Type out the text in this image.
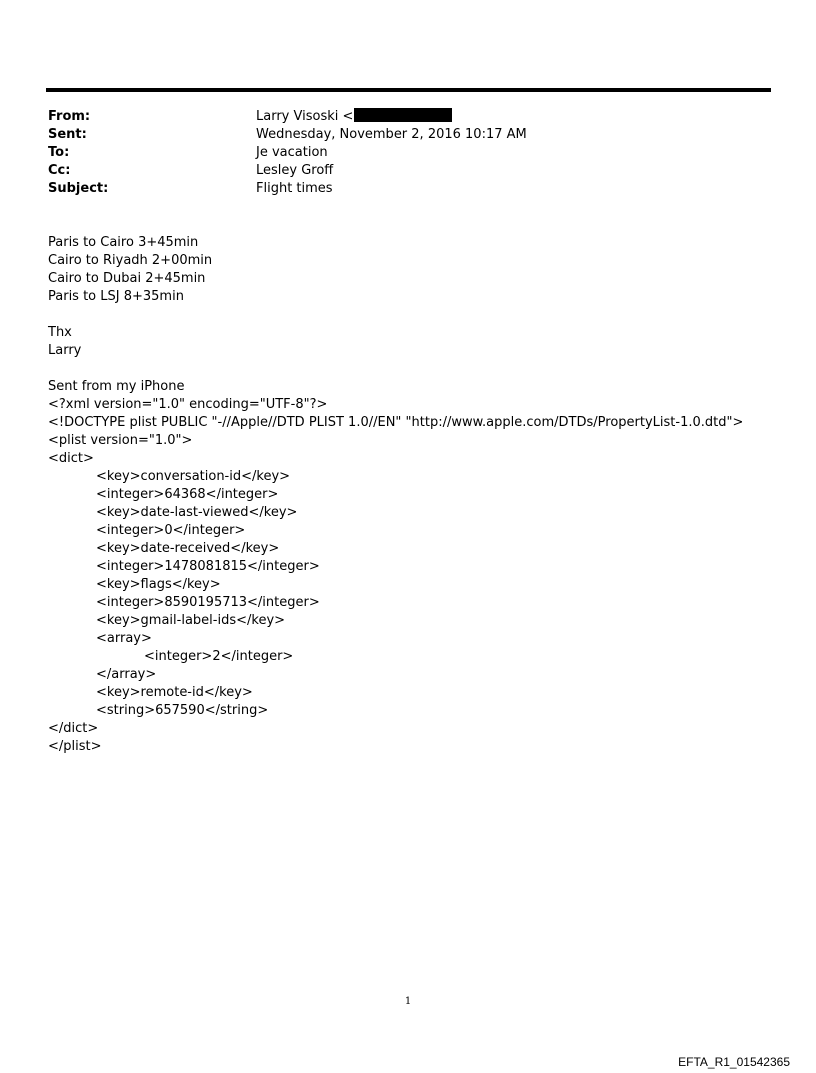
From:	Larry Visoski <
Sent:	Wednesday, November 2, 2016 10:17 AM
To:	Je vacation
Cc:	Lesley Groff
Subject:	Flight times
Paris to Cairo 3+45min
Cairo to Riyadh 2+00min
Cairo to Dubai 2+45min
Paris to LSJ 8+35min
Thx
Larry
Sent from my iPhone
<?xml version="1.0" encoding="UTF-8"?>
<!DOCTYPE plist PUBLIC "-//Apple//DTD PLIST 1.0//EN" "http://www.apple.com/DTDs/PropertyList-1.0.dtd">
<plist version="1.0">
<dict>
<key>conversation-id</key>
<integer>64368</integer>
<key>date-last-viewed</key>
<integer>0</integer>
<key>date-received</key>
<integer>1478081815</integer>
<key>flags</key>
<integer>8590195713</integer>
<key>gmail-label-ids</key>
<array>
<integer>2</integer>
</array>
<key>remote-id</key>
<string>657590</string>
</dict>
</plist>
1
EFTA_R1_01542365
